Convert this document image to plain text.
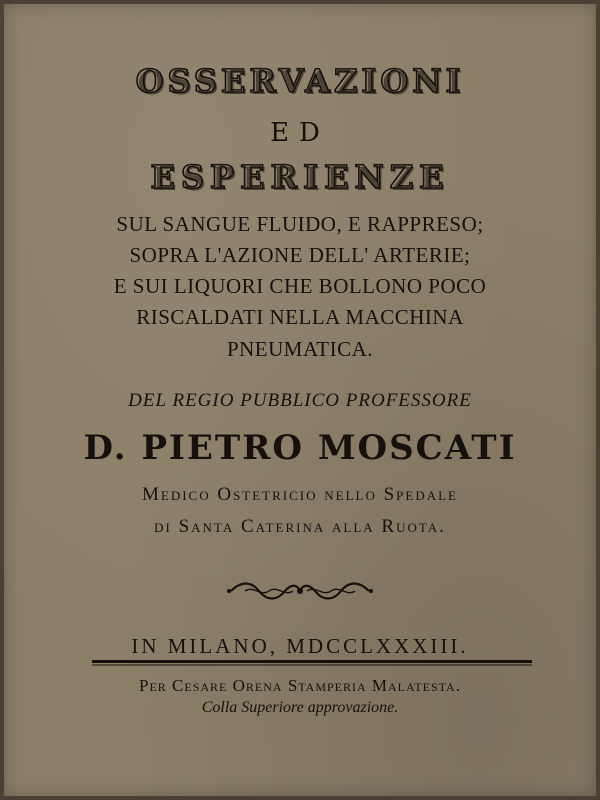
OSSERVAZIONI
ED
ESPERIENZE
SUL SANGUE FLUIDO, E RAPPRESO;
SOPRA L'AZIONE DELL' ARTERIE;
E SUI LIQUORI CHE BOLLONO POCO
RISCALDATI NELLA MACCHINA
PNEUMATICA.
DEL REGIO PUBBLICO PROFESSORE
D. PIETRO MOSCATI
Medico Ostetricio nello Spedale
di Santa Caterina alla Ruota.
IN MILANO, MDCCLXXXIII.
Per Cesare Orena Stamperia Malatesta.
Colla Superiore approvazione.
